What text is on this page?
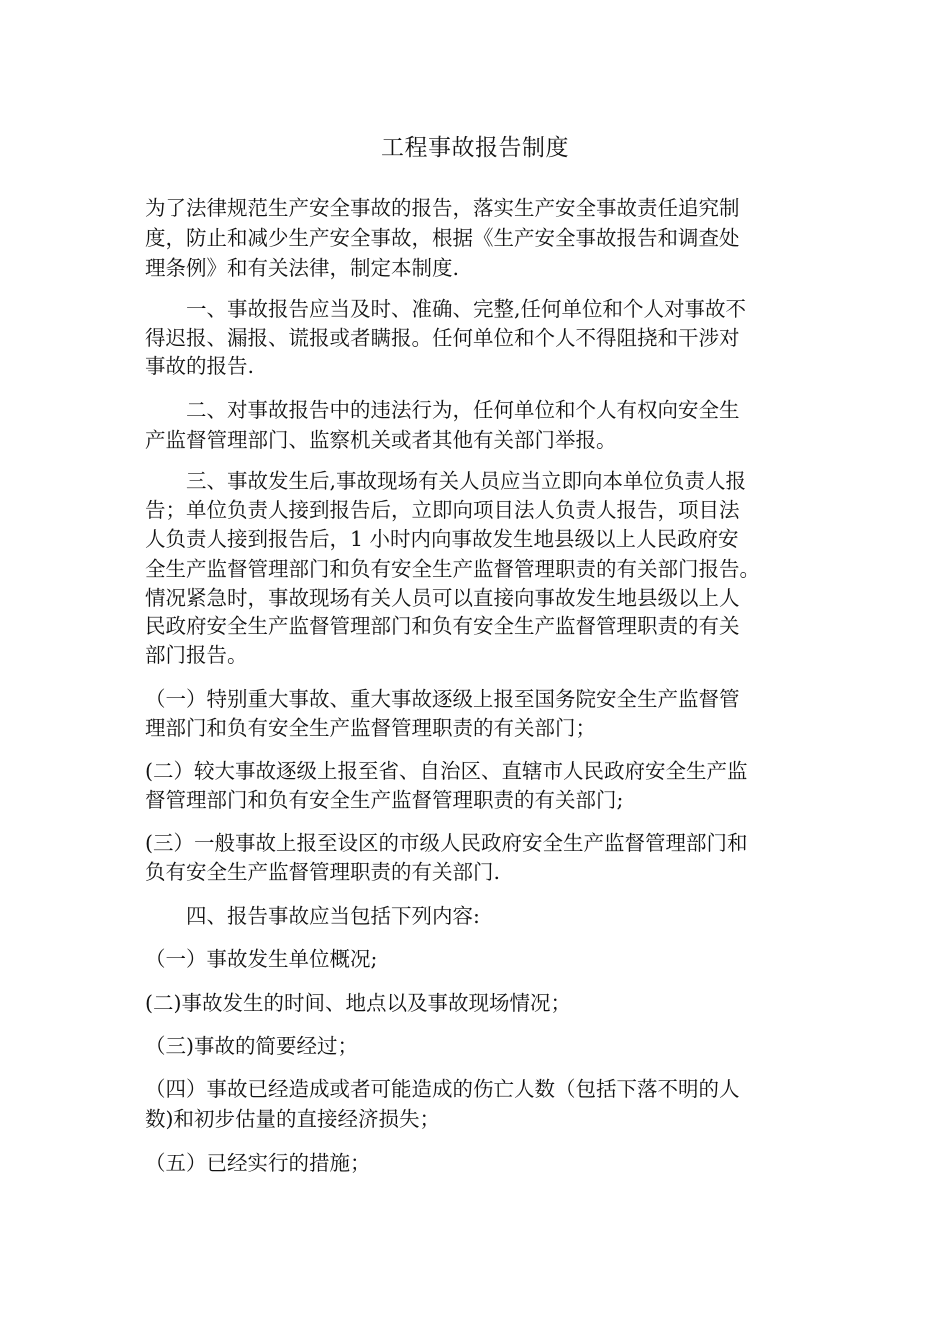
工程事故报告制度
为了法律规范生产安全事故的报告，落实生产安全事故责任追究制
度，防止和减少生产安全事故，根据《生产安全事故报告和调查处
理条例》和有关法律，制定本制度.
　　一、事故报告应当及时、准确、完整,任何单位和个人对事故不
得迟报、漏报、谎报或者瞒报。任何单位和个人不得阻挠和干涉对
事故的报告.
　　二、对事故报告中的违法行为，任何单位和个人有权向安全生
产监督管理部门、监察机关或者其他有关部门举报。
　　三、事故发生后,事故现场有关人员应当立即向本单位负责人报
告；单位负责人接到报告后，立即向项目法人负责人报告，项目法
人负责人接到报告后，1 小时内向事故发生地县级以上人民政府安
全生产监督管理部门和负有安全生产监督管理职责的有关部门报告。
情况紧急时，事故现场有关人员可以直接向事故发生地县级以上人
民政府安全生产监督管理部门和负有安全生产监督管理职责的有关
部门报告。
（一）特别重大事故、重大事故逐级上报至国务院安全生产监督管
理部门和负有安全生产监督管理职责的有关部门；
(二）较大事故逐级上报至省、自治区、直辖市人民政府安全生产监
督管理部门和负有安全生产监督管理职责的有关部门;
(三）一般事故上报至设区的市级人民政府安全生产监督管理部门和
负有安全生产监督管理职责的有关部门.
　　四、报告事故应当包括下列内容:
（一）事故发生单位概况;
(二)事故发生的时间、地点以及事故现场情况；
（三)事故的简要经过；
（四）事故已经造成或者可能造成的伤亡人数（包括下落不明的人
数)和初步估量的直接经济损失；
（五）已经实行的措施；
